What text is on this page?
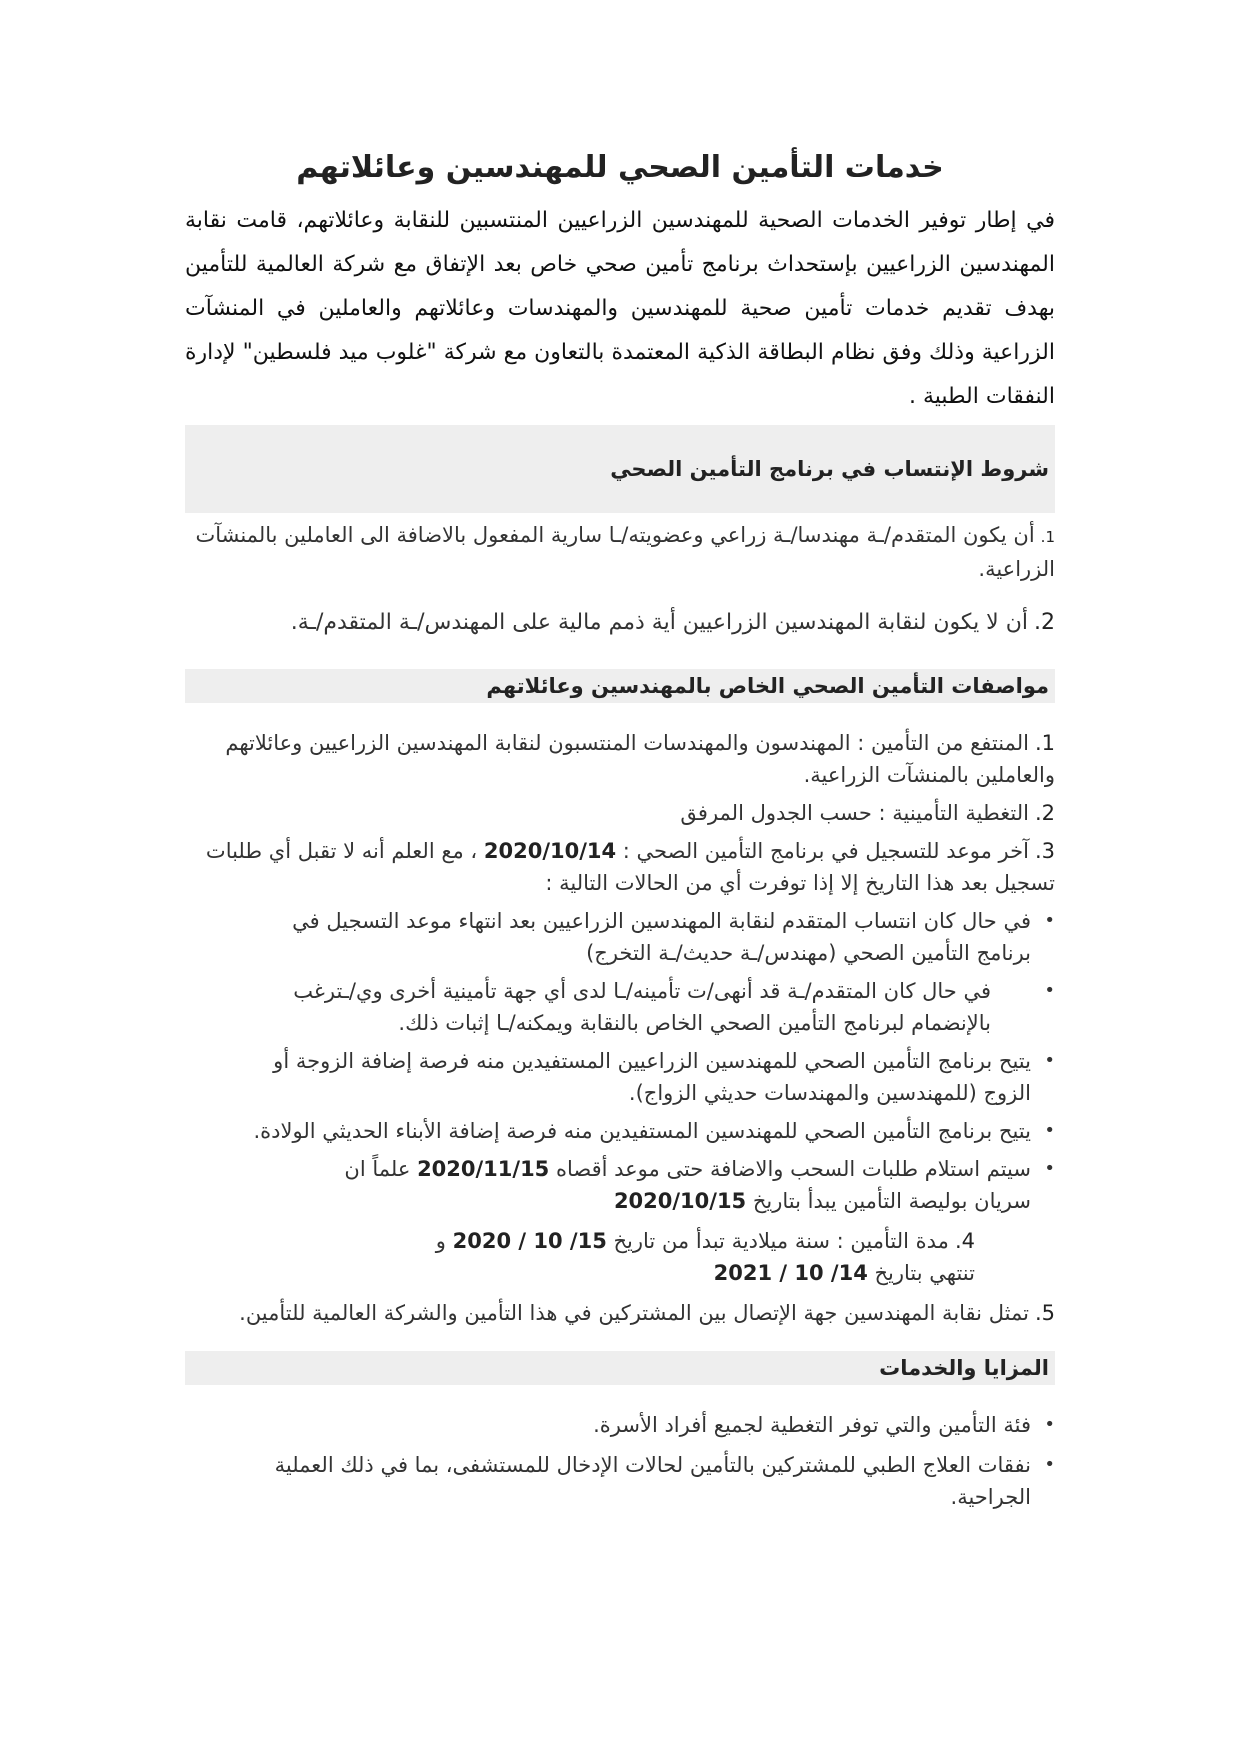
خدمات التأمين الصحي للمهندسين وعائلاتهم

في إطار توفير الخدمات الصحية للمهندسين الزراعيين المنتسبين للنقابة وعائلاتهم، قامت نقابة المهندسين الزراعيين بإستحداث برنامج تأمين صحي خاص بعد الإتفاق مع شركة العالمية للتأمين بهدف تقديم خدمات تأمين صحية للمهندسين والمهندسات وعائلاتهم والعاملين في المنشآت الزراعية وذلك وفق نظام البطاقة الذكية المعتمدة بالتعاون مع شركة "غلوب ميد فلسطين" لإدارة النفقات الطبية .

شروط الإنتساب في برنامج التأمين الصحي

1.أن يكون المتقدم/ـة مهندسا/ـة زراعي وعضويته/ـا سارية المفعول بالاضافة الى العاملين بالمنشآت الزراعية.

2.أن لا يكون لنقابة المهندسين الزراعيين أية ذمم مالية على المهندس/ـة المتقدم/ـة.

مواصفات التأمين الصحي الخاص بالمهندسين وعائلاتهم

1.المنتفع من التأمين : المهندسون والمهندسات المنتسبون لنقابة المهندسين الزراعيين وعائلاتهم والعاملين بالمنشآت الزراعية.

2.التغطية التأمينية : حسب الجدول المرفق

3.آخر موعد للتسجيل في برنامج التأمين الصحي : 2020/10/14 ، مع العلم أنه لا تقبل أي طلبات تسجيل بعد هذا التاريخ إلا إذا توفرت أي من الحالات التالية :

• في حال كان انتساب المتقدم لنقابة المهندسين الزراعيين بعد انتهاء موعد التسجيل في برنامج التأمين الصحي (مهندس/ـة حديث/ـة التخرج)
• في حال كان المتقدم/ـة قد أنهى/ت تأمينه/ـا لدى أي جهة تأمينية أخرى وي/ـترغب بالإنضمام لبرنامج التأمين الصحي الخاص بالنقابة ويمكنه/ـا إثبات ذلك.
• يتيح برنامج التأمين الصحي للمهندسين الزراعيين المستفيدين منه فرصة إضافة الزوجة أو الزوج (للمهندسين والمهندسات حديثي الزواج).
• يتيح برنامج التأمين الصحي للمهندسين المستفيدين منه فرصة إضافة الأبناء الحديثي الولادة.
• سيتم استلام طلبات السحب والاضافة حتى موعد أقصاه 2020/11/15 علماً ان سريان بوليصة التأمين يبدأ بتاريخ 2020/10/15

4.مدة التأمين : سنة ميلادية تبدأ من تاريخ 15/ 10 / 2020 و تنتهي بتاريخ 14/ 10 / 2021

5.تمثل نقابة المهندسين جهة الإتصال بين المشتركين في هذا التأمين والشركة العالمية للتأمين.

المزايا والخدمات
• فئة التأمين والتي توفر التغطية لجميع أفراد الأسرة.
• نفقات العلاج الطبي للمشتركين بالتأمين لحالات الإدخال للمستشفى، بما في ذلك العملية الجراحية.
